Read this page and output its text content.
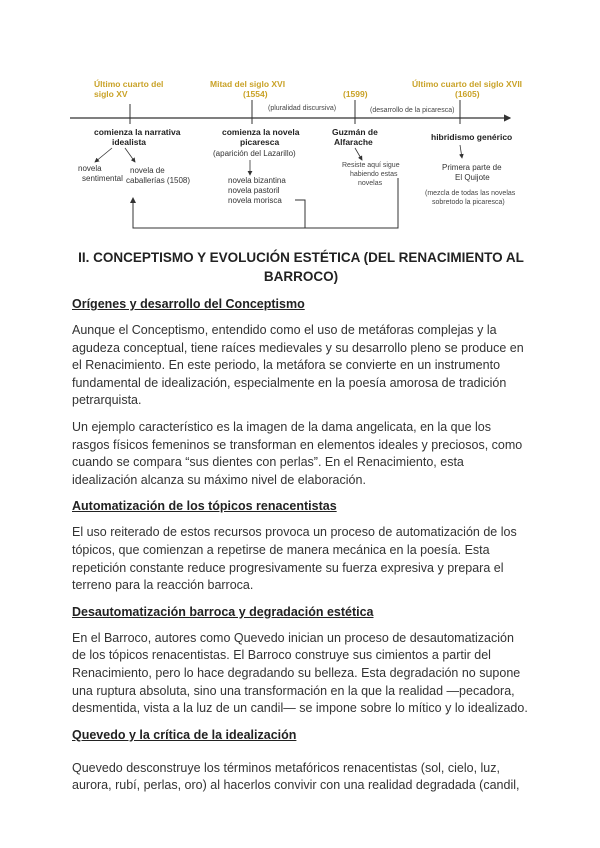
Último cuarto del
siglo XV
Mitad del siglo XVI
(1554)	(1599)
Último cuarto del siglo XVII
(1605)
(pluralidad discursiva)	(desarrollo de la picaresca)
comienza la narrativa
idealista
comienza la novela
picaresca
(aparición del Lazarillo)
Guzmán de
Alfarache	hibridismo genérico
novela
sentimental
novela de
caballerías (1508)	novela bizantina
novela pastoril
novela morisca
Resiste aquí sigue
habiendo estas
novelas
Primera parte de
El Quijote
(mezcla de todas las novelas
sobretodo la picaresca)
II. CONCEPTISMO Y EVOLUCIÓN ESTÉTICA (DEL RENACIMIENTO AL BARROCO)
Orígenes y desarrollo del Conceptismo

Aunque el Conceptismo, entendido como el uso de metáforas complejas y la agudeza conceptual, tiene raíces medievales y su desarrollo pleno se produce en el Renacimiento. En este periodo, la metáfora se convierte en un instrumento fundamental de idealización, especialmente en la poesía amorosa de tradición petrarquista.

Un ejemplo característico es la imagen de la dama angelicata, en la que los rasgos físicos femeninos se transforman en elementos ideales y preciosos, como cuando se compara “sus dientes con perlas”. En el Renacimiento, esta idealización alcanza su máximo nivel de elaboración.

Automatización de los tópicos renacentistas

El uso reiterado de estos recursos provoca un proceso de automatización de los tópicos, que comienzan a repetirse de manera mecánica en la poesía. Esta repetición constante reduce progresivamente su fuerza expresiva y prepara el terreno para la reacción barroca.

Desautomatización barroca y degradación estética

En el Barroco, autores como Quevedo inician un proceso de desautomatización de los tópicos renacentistas. El Barroco construye sus cimientos a partir del Renacimiento, pero lo hace degradando su belleza. Esta degradación no supone una ruptura absoluta, sino una transformación en la que la realidad —pecadora, desmentida, vista a la luz de un candil— se impone sobre lo mítico y lo idealizado.

Quevedo y la crítica de la idealización

Quevedo desconstruye los términos metafóricos renacentistas (sol, cielo, luz, aurora, rubí, perlas, oro) al hacerlos convivir con una realidad degradada (candil,
